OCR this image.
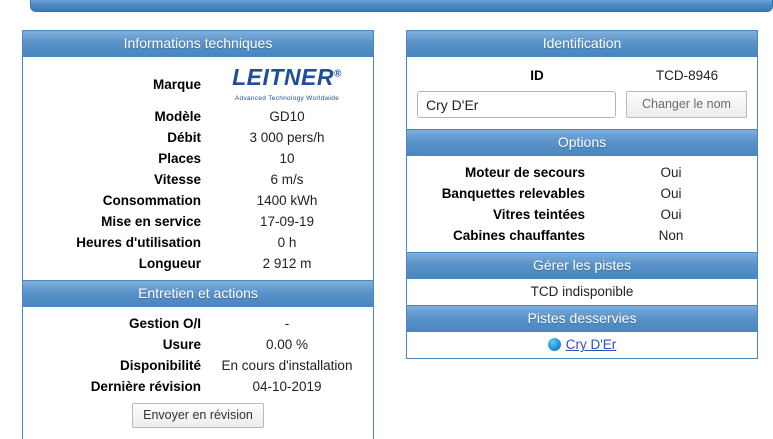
Informations techniques
Marque	LEITNER® Advanced Technology Worldwide
Modèle	GD10
Débit	3 000 pers/h
Places	10
Vitesse	6 m/s
Consommation	1400 kWh
Mise en service	17-09-19
Heures d'utilisation	0 h
Longueur	2 912 m
Entretien et actions
Gestion O/I	-
Usure	0.00 %
Disponibilité	En cours d'installation
Dernière révision	04-10-2019
Envoyer en révision
Identification
ID	TCD-8946
Cry D'Er
Changer le nom
Options
Moteur de secours	Oui
Banquettes relevables	Oui
Vitres teintées	Oui
Cabines chauffantes	Non
Gérer les pistes
TCD indisponible
Pistes desservies
Cry D'Er
